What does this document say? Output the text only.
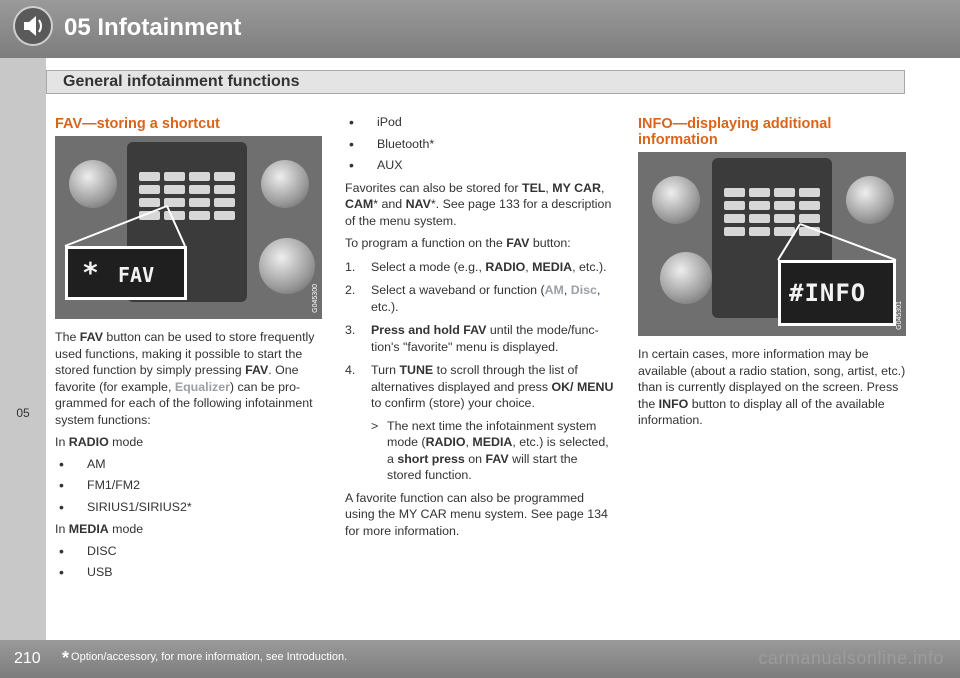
05 Infotainment
05
General infotainment functions
FAV—storing a shortcut
* FAV
G045300
The FAV button can be used to store frequently used functions, making it possible to start the stored function by simply pressing FAV. One favorite (for example, Equalizer) can be pro-grammed for each of the following infotainment system functions:
In RADIO mode
• AM
• FM1/FM2
• SIRIUS1/SIRIUS2*
In MEDIA mode
• DISC
• USB
• iPod
• Bluetooth*
• AUX
Favorites can also be stored for TEL, MY CAR, CAM* and NAV*. See page 133 for a description of the menu system.
To program a function on the FAV button:
1. Select a mode (e.g., RADIO, MEDIA, etc.).
2. Select a waveband or function (AM, Disc, etc.).
3. Press and hold FAV until the mode/func-tion's "favorite" menu is displayed.
4. Turn TUNE to scroll through the list of alternatives displayed and press OK/ MENU to confirm (store) your choice.
> The next time the infotainment system mode (RADIO, MEDIA, etc.) is selected, a short press on FAV will start the stored function.
A favorite function can also be programmed using the MY CAR menu system. See page 134 for more information.
INFO—displaying additional information
#INFO
G045301
In certain cases, more information may be available (about a radio station, song, artist, etc.) than is currently displayed on the screen. Press the INFO button to display all of the available information.
210 * Option/accessory, for more information, see Introduction.	carmanualsonline.info
